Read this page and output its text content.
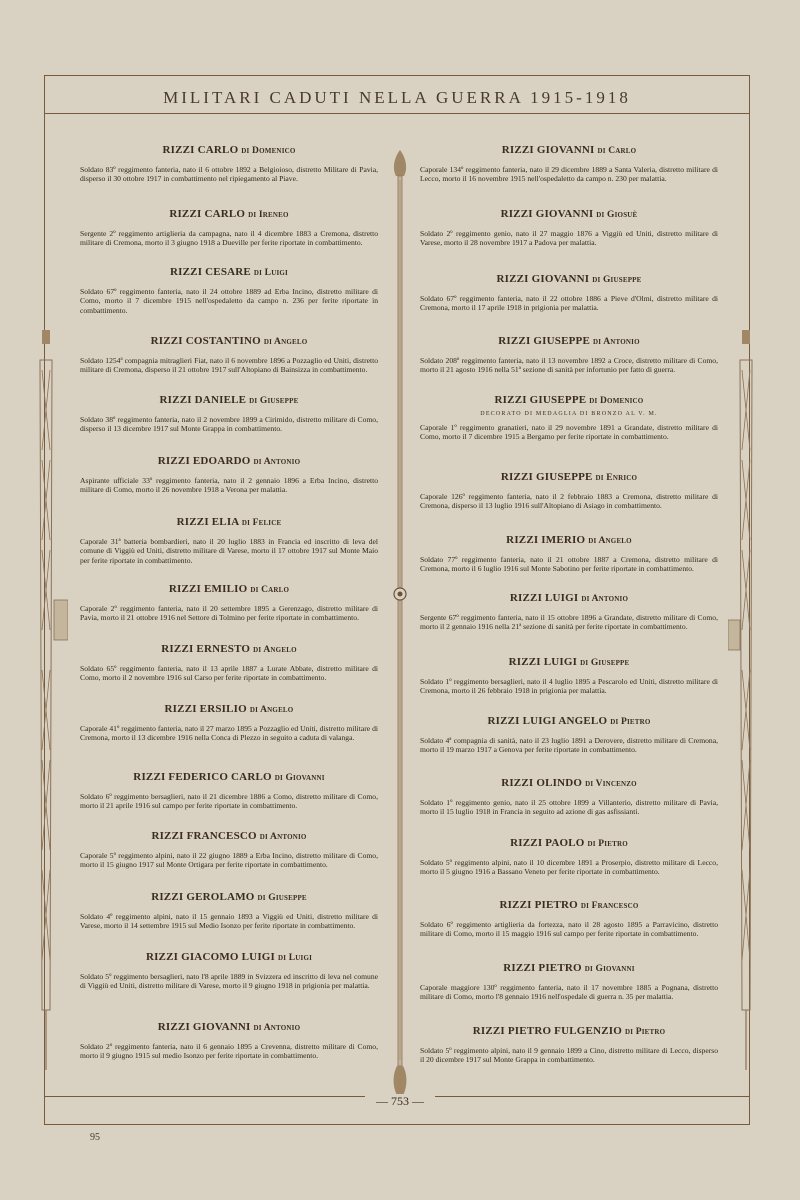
MILITARI CADUTI NELLA GUERRA 1915-1918
RIZZI CARLO di Domenico
Soldato 83º reggimento fanteria, nato il 6 ottobre 1892 a Belgioioso, distretto Militare di Pavia, disperso il 30 ottobre 1917 in combattimento nel ripiegamento al Piave.
RIZZI CARLO di Ireneo
Sergente 2º reggimento artiglieria da campagna, nato il 4 dicembre 1883 a Cremona, distretto militare di Cremona, morto il 3 giugno 1918 a Dueville per ferite riportate in combattimento.
RIZZI CESARE di Luigi
Soldato 67º reggimento fanteria, nato il 24 ottobre 1889 ad Erba Incino, distretto militare di Como, morto il 7 dicembre 1915 nell'ospedaletto da campo n. 236 per ferite riportate in combattimento.
RIZZI COSTANTINO di Angelo
Soldato 1254ª compagnia mitraglieri Fiat, nato il 6 novembre 1896 a Pozzaglio ed Uniti, distretto militare di Cremona, disperso il 21 ottobre 1917 sull'Altopiano di Bainsizza in combattimento.
RIZZI DANIELE di Giuseppe
Soldato 38º reggimento fanteria, nato il 2 novembre 1899 a Cirimido, distretto militare di Como, disperso il 13 dicembre 1917 sul Monte Grappa in combattimento.
RIZZI EDOARDO di Antonio
Aspirante ufficiale 33º reggimento fanteria, nato il 2 gennaio 1896 a Erba Incino, distretto militare di Como, morto il 26 novembre 1918 a Verona per malattia.
RIZZI ELIA di Felice
Caporale 31ª batteria bombardieri, nato il 20 luglio 1883 in Francia ed inscritto di leva del comune di Viggiù ed Uniti, distretto militare di Varese, morto il 17 ottobre 1917 sul Monte Maio per ferite riportate in combattimento.
RIZZI EMILIO di Carlo
Caporale 2º reggimento fanteria, nato il 20 settembre 1895 a Gerenzago, distretto militare di Pavia, morto il 21 ottobre 1916 nel Settore di Tolmino per ferite riportate in combattimento.
RIZZI ERNESTO di Angelo
Soldato 65º reggimento fanteria, nato il 13 aprile 1887 a Lurate Abbate, distretto militare di Como, morto il 2 novembre 1916 sul Carso per ferite riportate in combattimento.
RIZZI ERSILIO di Angelo
Caporale 41º reggimento fanteria, nato il 27 marzo 1895 a Pozzaglio ed Uniti, distretto militare di Cremona, morto il 13 dicembre 1916 nella Conca di Plezzo in seguito a caduta di valanga.
RIZZI FEDERICO CARLO di Giovanni
Soldato 6º reggimento bersaglieri, nato il 21 dicembre 1886 a Como, distretto militare di Como, morto il 21 aprile 1916 sul campo per ferite riportate in combattimento.
RIZZI FRANCESCO di Antonio
Caporale 5º reggimento alpini, nato il 22 giugno 1889 a Erba Incino, distretto militare di Como, morto il 15 giugno 1917 sul Monte Ortigara per ferite riportate in combattimento.
RIZZI GEROLAMO di Giuseppe
Soldato 4º reggimento alpini, nato il 15 gennaio 1893 a Viggiù ed Uniti, distretto militare di Varese, morto il 14 settembre 1915 sul Medio Isonzo per ferite riportate in combattimento.
RIZZI GIACOMO LUIGI di Luigi
Soldato 5º reggimento bersaglieri, nato l'8 aprile 1889 in Svizzera ed inscritto di leva nel comune di Viggiù ed Uniti, distretto militare di Varese, morto il 9 giugno 1918 in prigionia per malattia.
RIZZI GIOVANNI di Antonio
Soldato 2º reggimento fanteria, nato il 6 gennaio 1895 a Crevenna, distretto militare di Como, morto il 9 giugno 1915 sul medio Isonzo per ferite riportate in combattimento.
RIZZI GIOVANNI di Carlo
Caporale 134º reggimento fanteria, nato il 29 dicembre 1889 a Santa Valeria, distretto militare di Lecco, morto il 16 novembre 1915 nell'ospedaletto da campo n. 230 per malattia.
RIZZI GIOVANNI di Giosuè
Soldato 2º reggimento genio, nato il 27 maggio 1876 a Viggiù ed Uniti, distretto militare di Varese, morto il 28 novembre 1917 a Padova per malattia.
RIZZI GIOVANNI di Giuseppe
Soldato 67º reggimento fanteria, nato il 22 ottobre 1886 a Pieve d'Olmi, distretto militare di Cremona, morto il 17 aprile 1918 in prigionia per malattia.
RIZZI GIUSEPPE di Antonio
Soldato 208º reggimento fanteria, nato il 13 novembre 1892 a Croce, distretto militare di Como, morto il 21 agosto 1916 nella 51ª sezione di sanità per infortunio per fatto di guerra.
RIZZI GIUSEPPE di Domenico
DECORATO DI MEDAGLIA DI BRONZO AL V. M.
Caporale 1º reggimento granatieri, nato il 29 novembre 1891 a Grandate, distretto militare di Como, morto il 7 dicembre 1915 a Bergamo per ferite riportate in combattimento.
RIZZI GIUSEPPE di Enrico
Caporale 126º reggimento fanteria, nato il 2 febbraio 1883 a Cremona, distretto militare di Cremona, disperso il 13 luglio 1916 sull'Altopiano di Asiago in combattimento.
RIZZI IMERIO di Angelo
Soldato 77º reggimento fanteria, nato il 21 ottobre 1887 a Cremona, distretto militare di Cremona, morto il 6 luglio 1916 sul Monte Sabotino per ferite riportate in combattimento.
RIZZI LUIGI di Antonio
Sergente 67º reggimento fanteria, nato il 15 ottobre 1896 a Grandate, distretto militare di Como, morto il 2 gennaio 1916 nella 21ª sezione di sanità per ferite riportate in combattimento.
RIZZI LUIGI di Giuseppe
Soldato 1º reggimento bersaglieri, nato il 4 luglio 1895 a Pescarolo ed Uniti, distretto militare di Cremona, morto il 26 febbraio 1918 in prigionia per malattia.
RIZZI LUIGI ANGELO di Pietro
Soldato 4ª compagnia di sanità, nato il 23 luglio 1891 a Derovere, distretto militare di Cremona, morto il 19 marzo 1917 a Genova per ferite riportate in combattimento.
RIZZI OLINDO di Vincenzo
Soldato 1º reggimento genio, nato il 25 ottobre 1899 a Villanterio, distretto militare di Pavia, morto il 15 luglio 1918 in Francia in seguito ad azione di gas asfissianti.
RIZZI PAOLO di Pietro
Soldato 5º reggimento alpini, nato il 10 dicembre 1891 a Proserpio, distretto militare di Lecco, morto il 5 giugno 1916 a Bassano Veneto per ferite riportate in combattimento.
RIZZI PIETRO di Francesco
Soldato 6º reggimento artiglieria da fortezza, nato il 28 agosto 1895 a Parravicino, distretto militare di Como, morto il 15 maggio 1916 sul campo per ferite riportate in combattimento.
RIZZI PIETRO di Giovanni
Caporale maggiore 130º reggimento fanteria, nato il 17 novembre 1885 a Pognana, distretto militare di Como, morto l'8 gennaio 1916 nell'ospedale di guerra n. 35 per malattia.
RIZZI PIETRO FULGENZIO di Pietro
Soldato 5º reggimento alpini, nato il 9 gennaio 1899 a Cino, distretto militare di Lecco, disperso il 20 dicembre 1917 sul Monte Grappa in combattimento.
— 753 —
95
